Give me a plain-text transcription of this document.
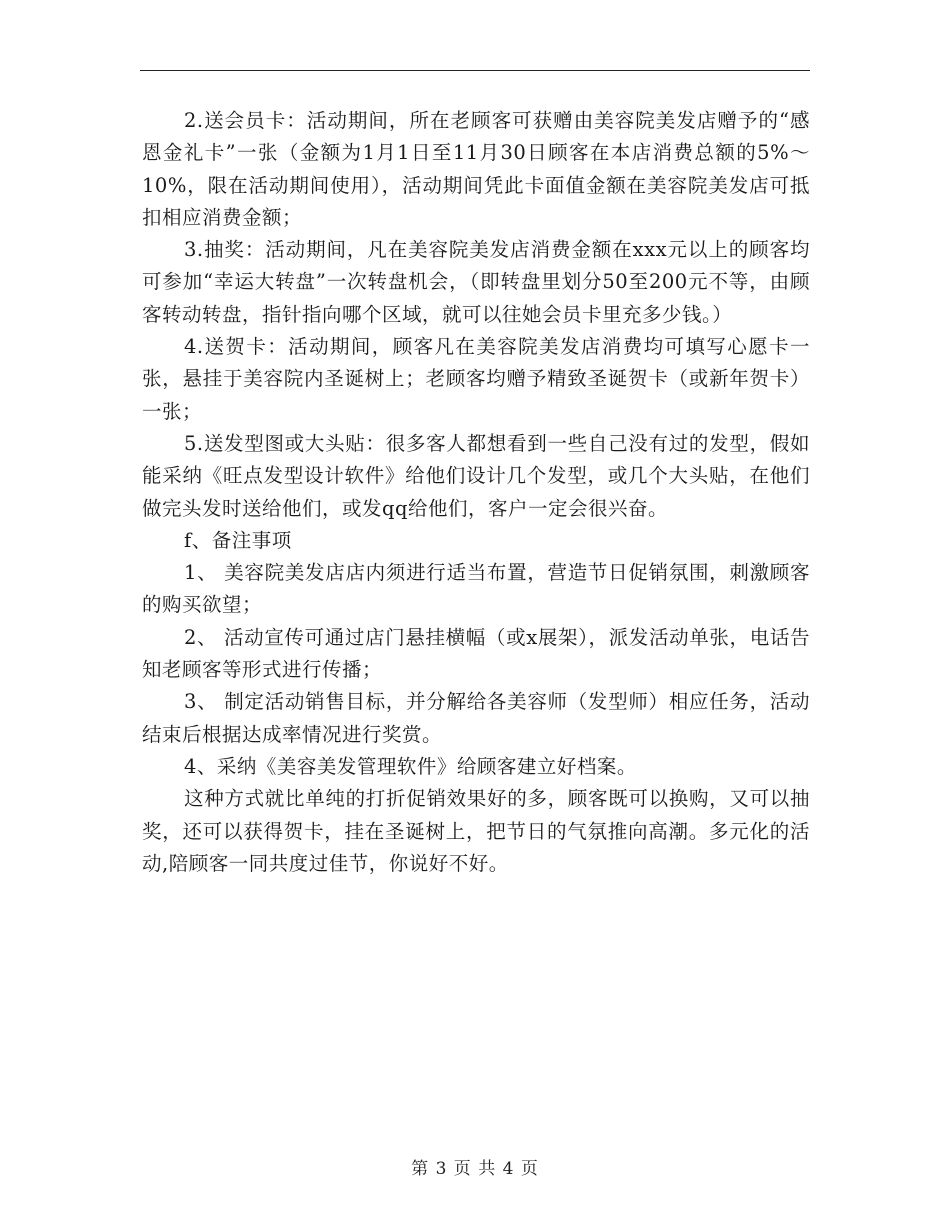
2.送会员卡：活动期间，所在老顾客可获赠由美容院美发店赠予的“感恩金礼卡”一张（金额为1月1日至11月30日顾客在本店消费总额的5%～10%，限在活动期间使用），活动期间凭此卡面值金额在美容院美发店可抵扣相应消费金额；

3.抽奖：活动期间，凡在美容院美发店消费金额在xxx元以上的顾客均可参加“幸运大转盘”一次转盘机会，（即转盘里划分50至200元不等，由顾客转动转盘，指针指向哪个区域，就可以往她会员卡里充多少钱。）

4.送贺卡：活动期间，顾客凡在美容院美发店消费均可填写心愿卡一张，悬挂于美容院内圣诞树上；老顾客均赠予精致圣诞贺卡（或新年贺卡）一张；

5.送发型图或大头贴：很多客人都想看到一些自己没有过的发型，假如能采纳《旺点发型设计软件》给他们设计几个发型，或几个大头贴，在他们做完头发时送给他们，或发qq给他们，客户一定会很兴奋。

f、备注事项

1、 美容院美发店店内须进行适当布置，营造节日促销氛围，刺激顾客的购买欲望；

2、 活动宣传可通过店门悬挂横幅（或x展架），派发活动单张，电话告知老顾客等形式进行传播；

3、 制定活动销售目标，并分解给各美容师（发型师）相应任务，活动结束后根据达成率情况进行奖赏。

4、采纳《美容美发管理软件》给顾客建立好档案。

这种方式就比单纯的打折促销效果好的多，顾客既可以换购，又可以抽奖，还可以获得贺卡，挂在圣诞树上，把节日的气氛推向高潮。多元化的活动,陪顾客一同共度过佳节，你说好不好。

第 3 页 共 4 页
